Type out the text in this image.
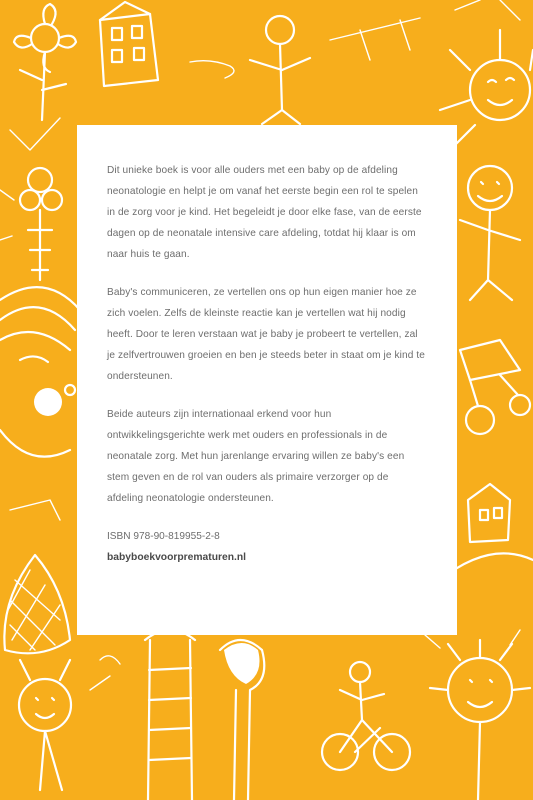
Dit unieke boek is voor alle ouders met een baby op de afdeling neonatologie en helpt je om vanaf het eerste begin een rol te spelen in de zorg voor je kind. Het begeleidt je door elke fase, van de eerste dagen op de neonatale intensive care afdeling, totdat hij klaar is om naar huis te gaan.

Baby's communiceren, ze vertellen ons op hun eigen manier hoe ze zich voelen. Zelfs de kleinste reactie kan je vertellen wat hij nodig heeft. Door te leren verstaan wat je baby je probeert te vertellen, zal je zelfvertrouwen groeien en ben je steeds beter in staat om je kind te ondersteunen.

Beide auteurs zijn internationaal erkend voor hun ontwikkelingsgerichte werk met ouders en professionals in de neonatale zorg. Met hun jarenlange ervaring willen ze baby's een stem geven en de rol van ouders als primaire verzorger op de afdeling neonatologie ondersteunen.

ISBN 978-90-819955-2-8
babyboekvoorprematuren.nl
